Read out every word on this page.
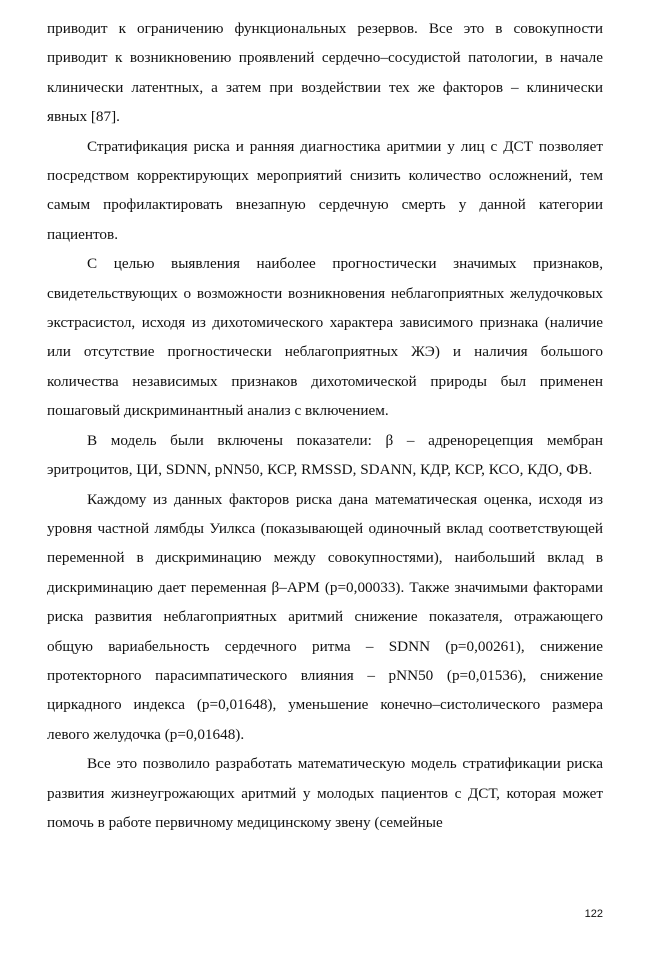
приводит к ограничению функциональных резервов. Все это в совокупности приводит к возникновению проявлений сердечно–сосудистой патологии, в начале клинически латентных, а затем при воздействии тех же факторов – клинически явных [87].

Стратификация риска и ранняя диагностика аритмии у лиц с ДСТ позволяет посредством корректирующих мероприятий снизить количество осложнений, тем самым профилактировать внезапную сердечную смерть у данной категории пациентов.

С целью выявления наиболее прогностически значимых признаков, свидетельствующих о возможности возникновения неблагоприятных желудочковых экстрасистол, исходя из дихотомического характера зависимого признака (наличие или отсутствие прогностически неблагоприятных ЖЭ) и наличия большого количества независимых признаков дихотомической природы был применен пошаговый дискриминантный анализ с включением.

В модель были включены показатели: β – адренорецепция мембран эритроцитов, ЦИ, SDNN, pNN50, КСР, RMSSD, SDANN, КДР, КСР, КСО, КДО, ФВ.

Каждому из данных факторов риска дана математическая оценка, исходя из уровня частной лямбды Уилкса (показывающей одиночный вклад соответствующей переменной в дискриминацию между совокупностями), наибольший вклад в дискриминацию дает переменная β–АРМ (p=0,00033). Также значимыми факторами риска развития неблагоприятных аритмий снижение показателя, отражающего общую вариабельность сердечного ритма – SDNN (p=0,00261), снижение протекторного парасимпатического влияния – pNN50 (p=0,01536), снижение циркадного индекса (p=0,01648), уменьшение конечно–систолического размера левого желудочка (p=0,01648).

Все это позволило разработать математическую модель стратификации риска развития жизнеугрожающих аритмий у молодых пациентов с ДСТ, которая может помочь в работе первичному медицинскому звену (семейные

122
